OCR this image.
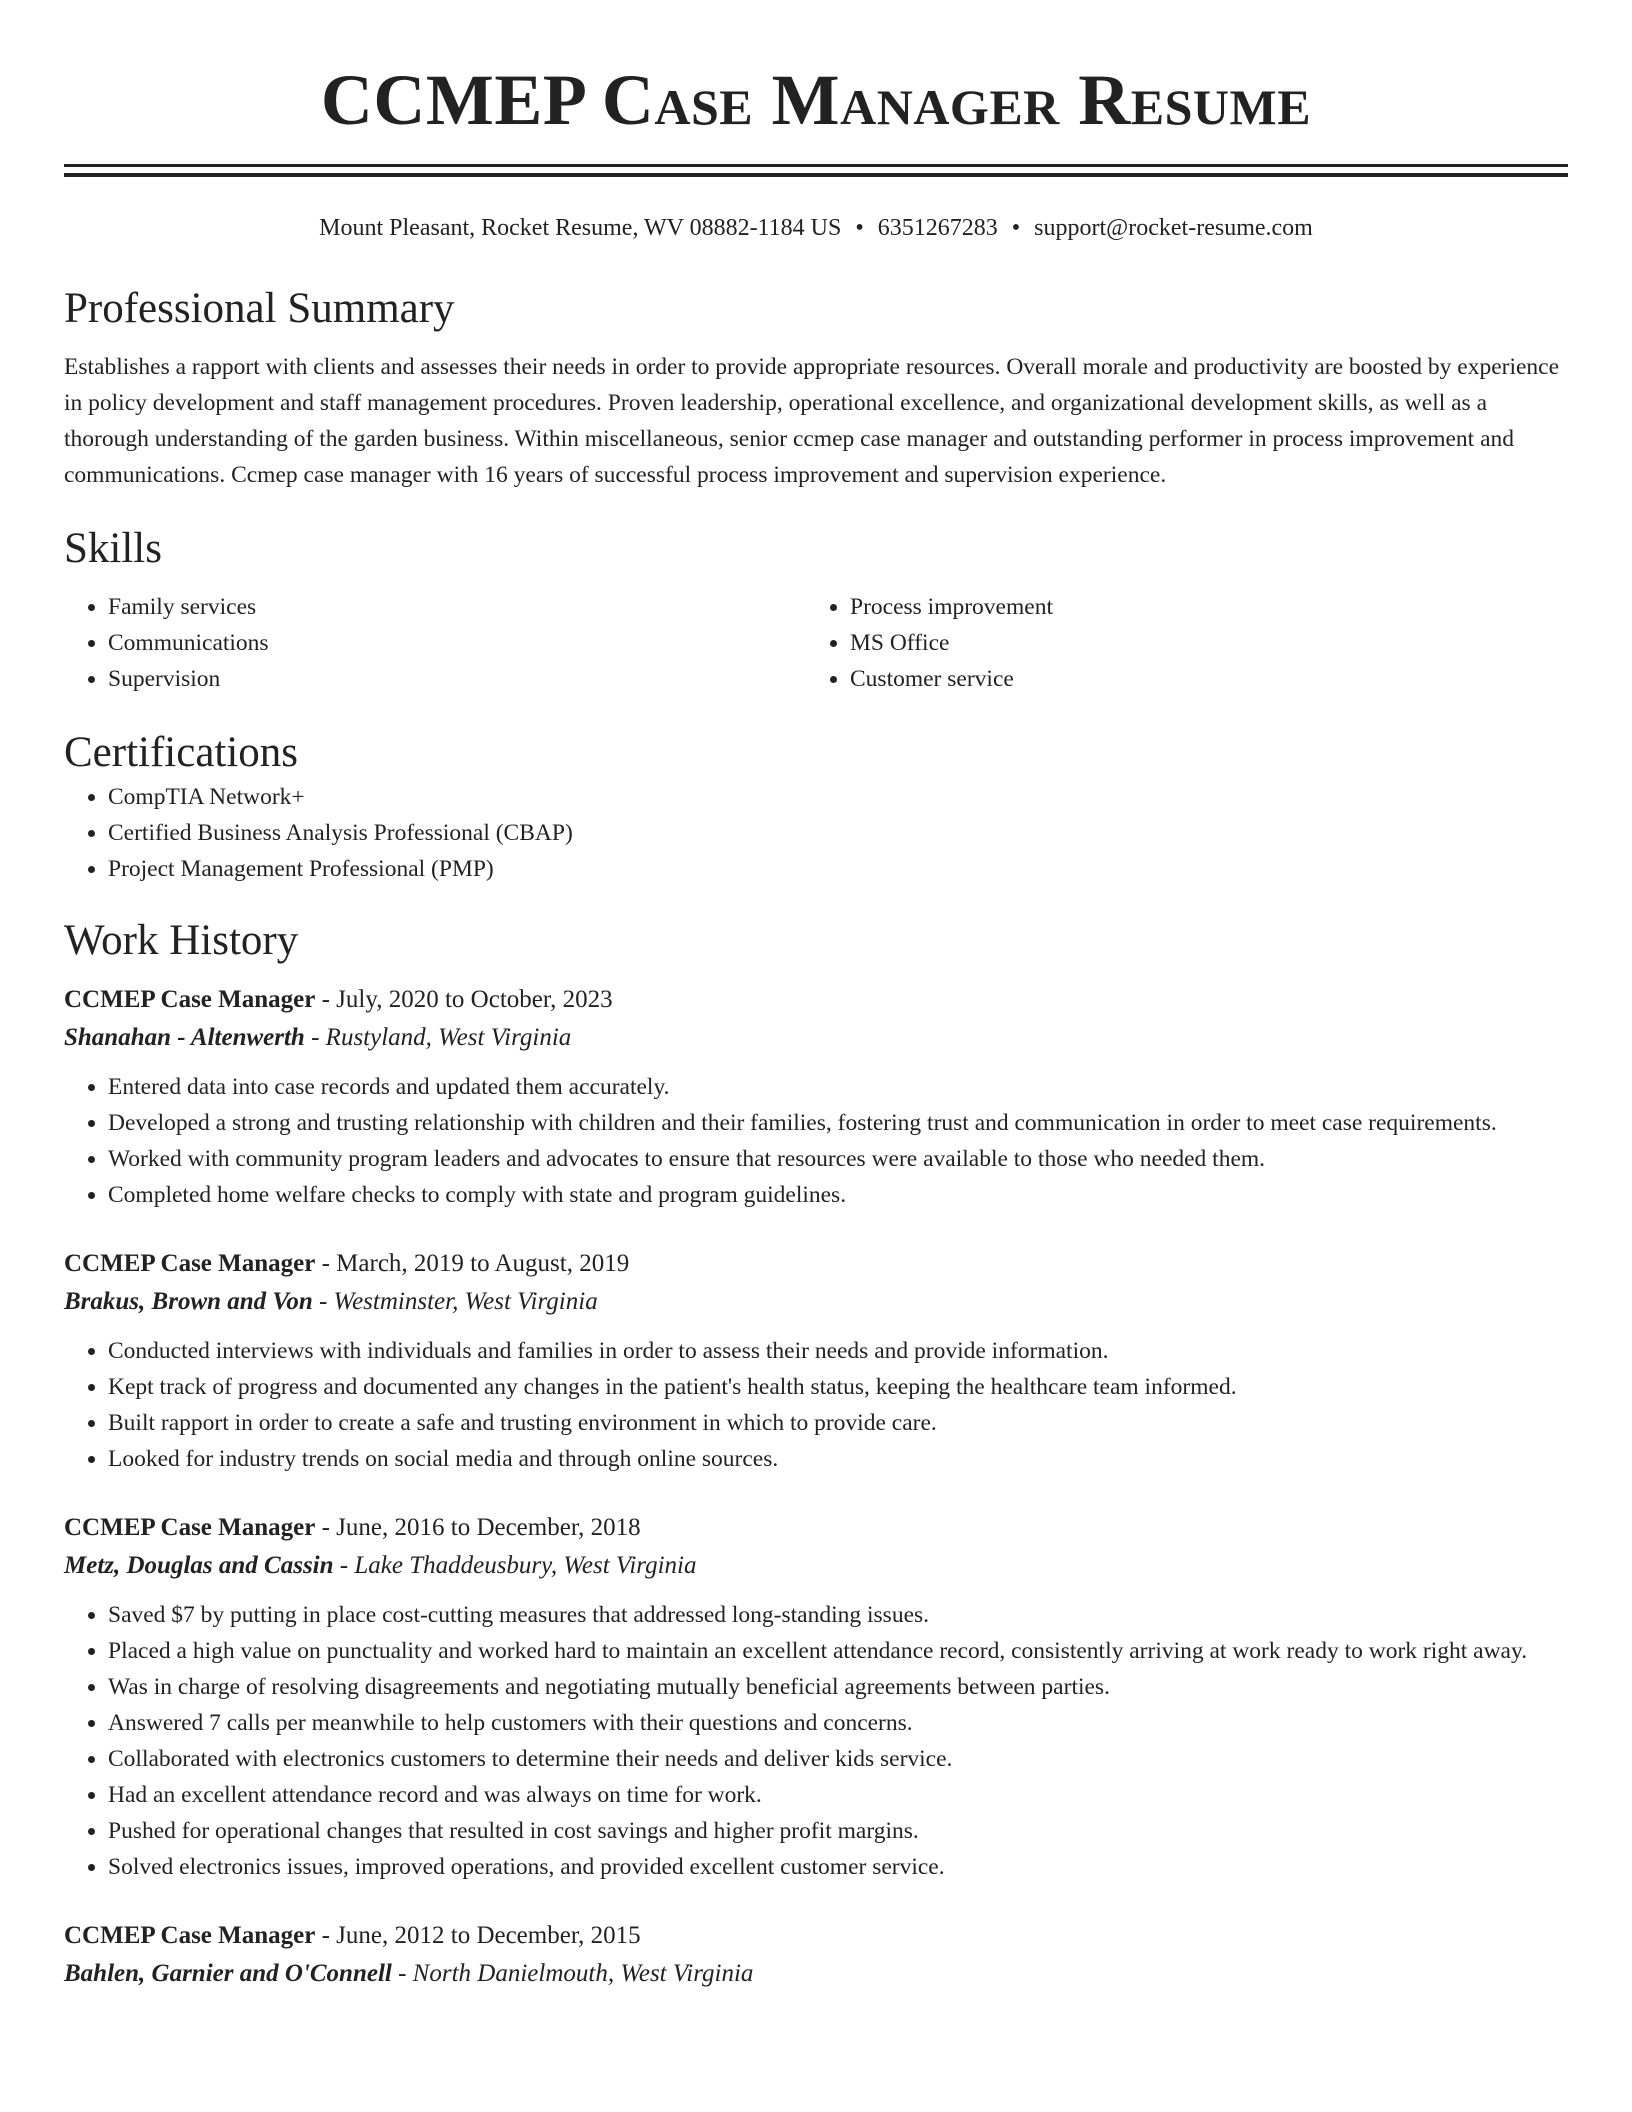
CCMEP Case Manager Resume
Mount Pleasant, Rocket Resume, WV 08882-1184 US • 6351267283 • support@rocket-resume.com
Professional Summary

Establishes a rapport with clients and assesses their needs in order to provide appropriate resources. Overall morale and productivity are boosted by experience in policy development and staff management procedures. Proven leadership, operational excellence, and organizational development skills, as well as a thorough understanding of the garden business. Within miscellaneous, senior ccmep case manager and outstanding performer in process improvement and communications. Ccmep case manager with 16 years of successful process improvement and supervision experience.

Skills
• Family services
• Communications
• Supervision
• Process improvement
• MS Office
• Customer service
Certifications
• CompTIA Network+
• Certified Business Analysis Professional (CBAP)
• Project Management Professional (PMP)
Work History
CCMEP Case Manager - July, 2020 to October, 2023
Shanahan - Altenwerth - Rustyland, West Virginia
• Entered data into case records and updated them accurately.
• Developed a strong and trusting relationship with children and their families, fostering trust and communication in order to meet case requirements.
• Worked with community program leaders and advocates to ensure that resources were available to those who needed them.
• Completed home welfare checks to comply with state and program guidelines.
CCMEP Case Manager - March, 2019 to August, 2019
Brakus, Brown and Von - Westminster, West Virginia
• Conducted interviews with individuals and families in order to assess their needs and provide information.
• Kept track of progress and documented any changes in the patient's health status, keeping the healthcare team informed.
• Built rapport in order to create a safe and trusting environment in which to provide care.
• Looked for industry trends on social media and through online sources.
CCMEP Case Manager - June, 2016 to December, 2018
Metz, Douglas and Cassin - Lake Thaddeusbury, West Virginia
• Saved $7 by putting in place cost-cutting measures that addressed long-standing issues.
• Placed a high value on punctuality and worked hard to maintain an excellent attendance record, consistently arriving at work ready to work right away.
• Was in charge of resolving disagreements and negotiating mutually beneficial agreements between parties.
• Answered 7 calls per meanwhile to help customers with their questions and concerns.
• Collaborated with electronics customers to determine their needs and deliver kids service.
• Had an excellent attendance record and was always on time for work.
• Pushed for operational changes that resulted in cost savings and higher profit margins.
• Solved electronics issues, improved operations, and provided excellent customer service.
CCMEP Case Manager - June, 2012 to December, 2015
Bahlen, Garnier and O'Connell - North Danielmouth, West Virginia
